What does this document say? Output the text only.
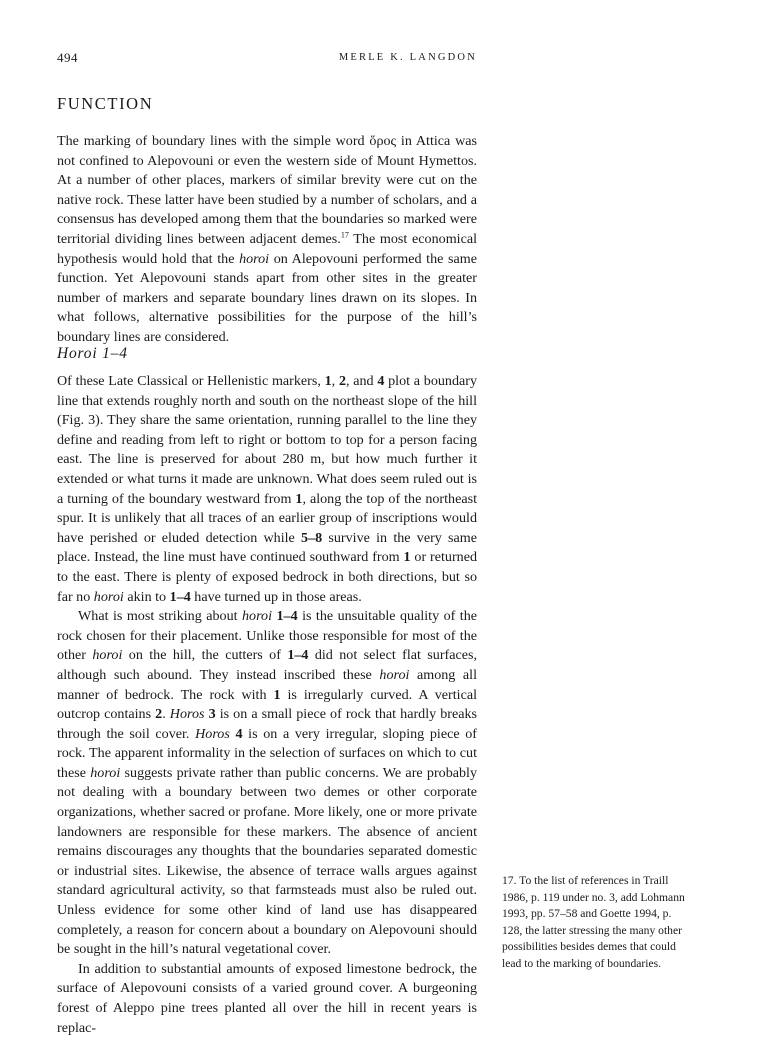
494	MERLE K. LANGDON
FUNCTION

The marking of boundary lines with the simple word ὅρος in Attica was not confined to Alepovouni or even the western side of Mount Hymettos. At a number of other places, markers of similar brevity were cut on the native rock. These latter have been studied by a number of scholars, and a consensus has developed among them that the boundaries so marked were territorial dividing lines between adjacent demes.$^{17}$ The most economical hypothesis would hold that the horoi on Alepovouni performed the same function. Yet Alepovouni stands apart from other sites in the greater number of markers and separate boundary lines drawn on its slopes. In what follows, alternative possibilities for the purpose of the hill’s boundary lines are considered.

Horoi 1–4

Of these Late Classical or Hellenistic markers, 1, 2, and 4 plot a boundary line that extends roughly north and south on the northeast slope of the hill (Fig. 3). They share the same orientation, running parallel to the line they define and reading from left to right or bottom to top for a person facing east. The line is preserved for about 280 m, but how much further it extended or what turns it made are unknown. What does seem ruled out is a turning of the boundary westward from 1, along the top of the northeast spur. It is unlikely that all traces of an earlier group of inscriptions would have perished or eluded detection while 5–8 survive in the very same place. Instead, the line must have continued southward from 1 or returned to the east. There is plenty of exposed bedrock in both directions, but so far no horoi akin to 1–4 have turned up in those areas.

What is most striking about horoi 1–4 is the unsuitable quality of the rock chosen for their placement. Unlike those responsible for most of the other horoi on the hill, the cutters of 1–4 did not select flat surfaces, although such abound. They instead inscribed these horoi among all manner of bedrock. The rock with 1 is irregularly curved. A vertical outcrop contains 2. Horos 3 is on a small piece of rock that hardly breaks through the soil cover. Horos 4 is on a very irregular, sloping piece of rock. The apparent informality in the selection of surfaces on which to cut these horoi suggests private rather than public concerns. We are probably not dealing with a boundary between two demes or other corporate organizations, whether sacred or profane. More likely, one or more private landowners are responsible for these markers. The absence of ancient remains discourages any thoughts that the boundaries separated domestic or industrial sites. Likewise, the absence of terrace walls argues against standard agricultural activity, so that farmsteads must also be ruled out. Unless evidence for some other kind of land use has disappeared completely, a reason for concern about a boundary on Alepovouni should be sought in the hill’s natural vegetational cover.

In addition to substantial amounts of exposed limestone bedrock, the surface of Alepovouni consists of a varied ground cover. A burgeoning forest of Aleppo pine trees planted all over the hill in recent years is replac-

17. To the list of references in Traill
1986, p. 119 under no. 3, add Lohmann
1993, pp. 57–58 and Goette 1994, p.
128, the latter stressing the many other
possibilities besides demes that could
lead to the marking of boundaries.
